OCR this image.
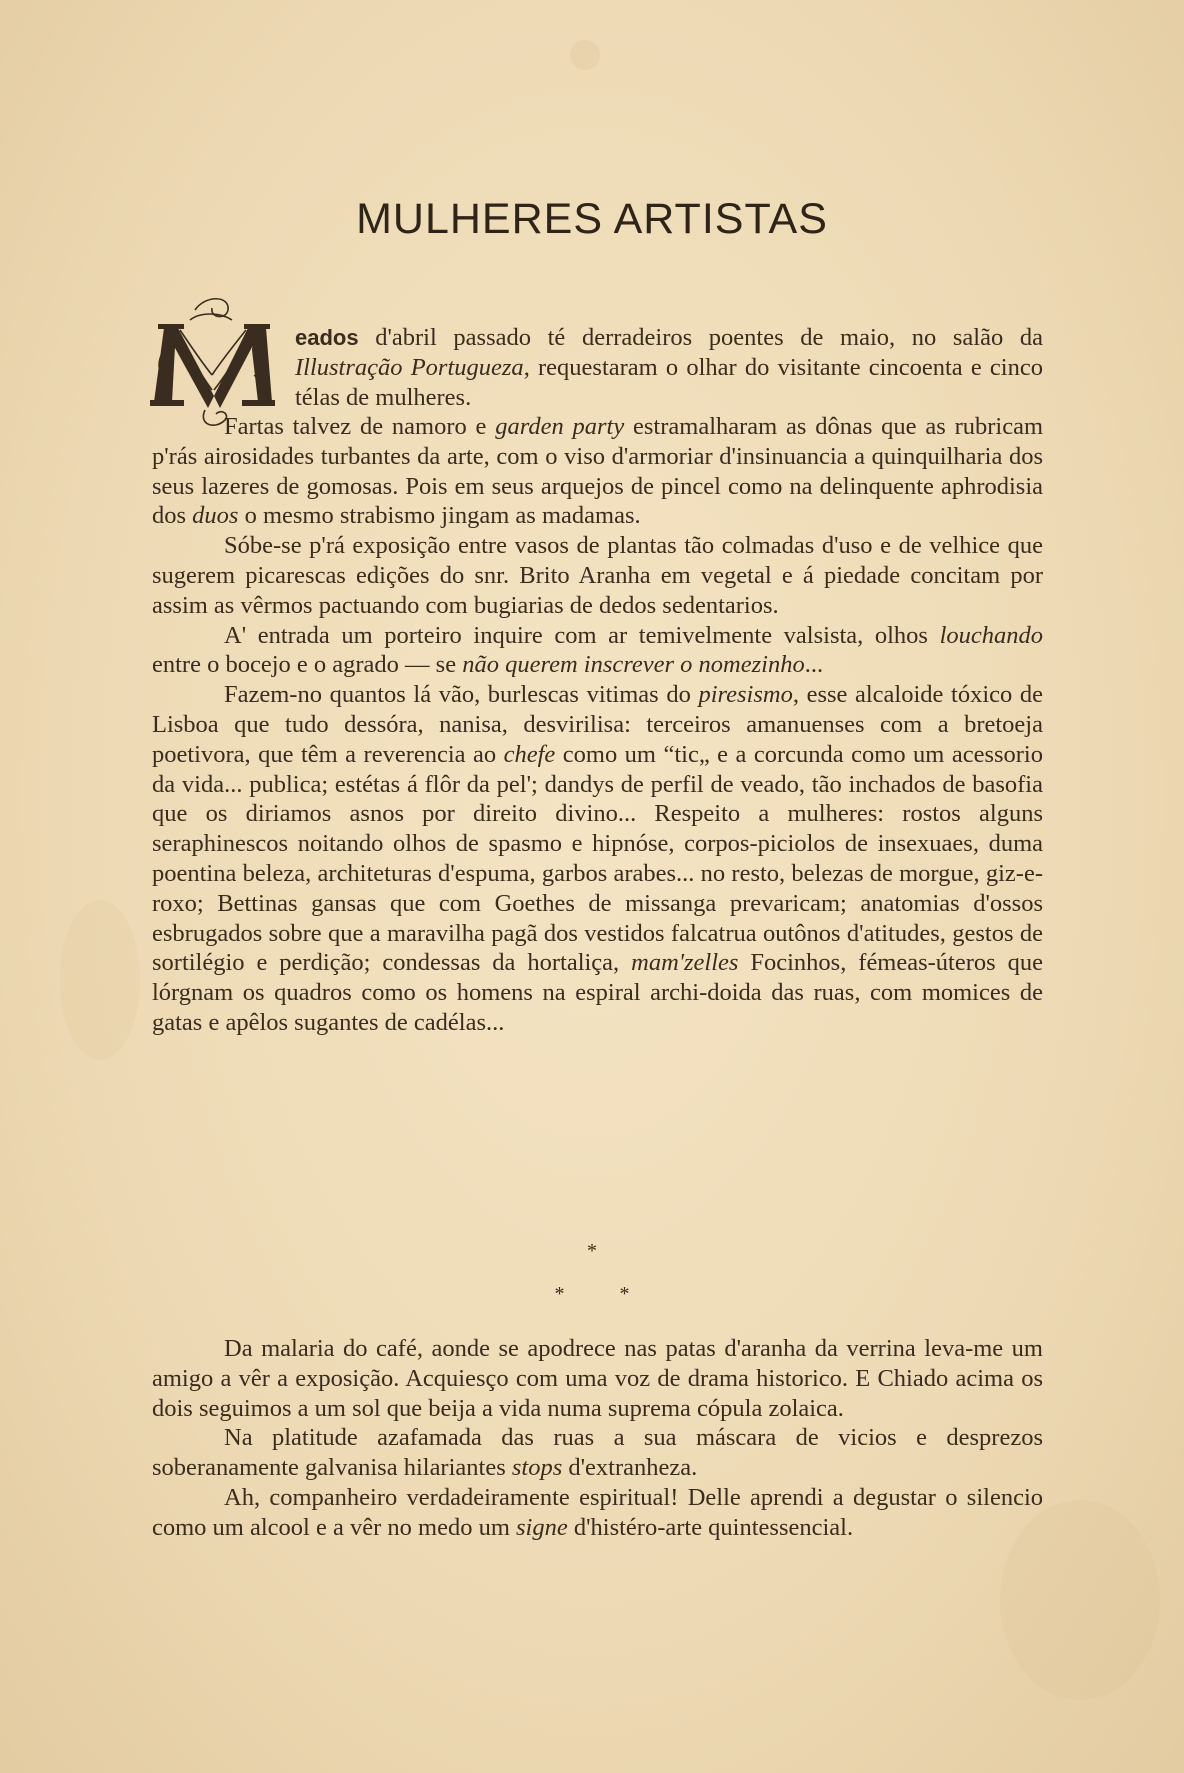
MULHERES ARTISTAS
M

eados d'abril passado té derradeiros poentes de maio, no salão da Illustração Portugueza, requestaram o olhar do visitante cincoenta e cinco télas de mulheres.

Fartas talvez de namoro e garden party estramalharam as dônas que as rubricam p'rás airosidades turbantes da arte, com o viso d'armoriar d'insinuancia a quinquilharia dos seus lazeres de gomosas. Pois em seus arquejos de pincel como na delinquente aphrodisia dos duos o mesmo strabismo jingam as madamas.

Sóbe-se p'rá exposição entre vasos de plantas tão colmadas d'uso e de velhice que sugerem picarescas edições do snr. Brito Aranha em vegetal e á piedade concitam por assim as vêrmos pactuando com bugiarias de dedos sedentarios.

A' entrada um porteiro inquire com ar temivelmente valsista, olhos louchando entre o bocejo e o agrado — se não querem inscrever o nomezinho...

Fazem-no quantos lá vão, burlescas vitimas do piresismo, esse alcaloide tóxico de Lisboa que tudo dessóra, nanisa, desvirilisa: terceiros amanuenses com a bretoeja poetivora, que têm a reverencia ao chefe como um “tic„ e a corcunda como um acessorio da vida... publica; estétas á flôr da pel'; dandys de perfil de veado, tão inchados de basofia que os diriamos asnos por direito divino... Respeito a mulheres: rostos alguns seraphinescos noitando olhos de spasmo e hipnóse, corpos-piciolos de insexuaes, duma poentina beleza, architeturas d'espuma, garbos arabes... no resto, belezas de morgue, giz-e-roxo; Bettinas gansas que com Goethes de missanga prevaricam; anatomias d'ossos esbrugados sobre que a maravilha pagã dos vestidos falcatrua outônos d'atitudes, gestos de sortilégio e perdição; condessas da hortaliça, mam'zelles Focinhos, fémeas-úteros que lórgnam os quadros como os homens na espiral archi-doida das ruas, com momices de gatas e apêlos sugantes de cadélas...

*
* *

Da malaria do café, aonde se apodrece nas patas d'aranha da verrina leva-me um amigo a vêr a exposição. Acquiesço com uma voz de drama historico. E Chiado acima os dois seguimos a um sol que beija a vida numa suprema cópula zolaica.

Na platitude azafamada das ruas a sua máscara de vicios e desprezos soberanamente galvanisa hilariantes stops d'extranheza.

Ah, companheiro verdadeiramente espiritual! Delle aprendi a degustar o silencio como um alcool e a vêr no medo um signe d'histéro-arte quintessencial.
